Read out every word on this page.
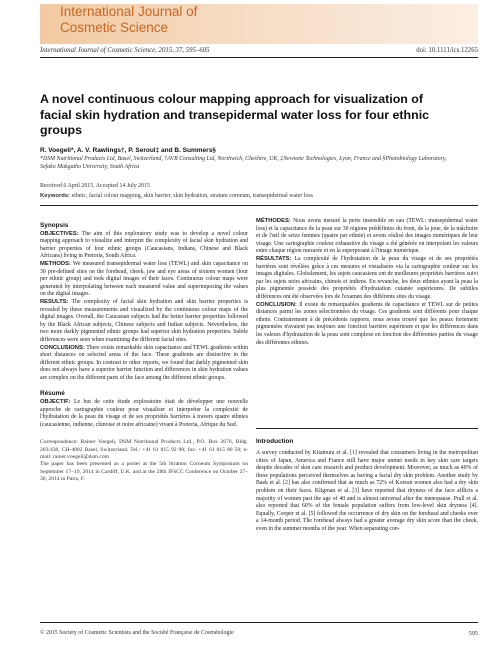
International Journal of
Cosmetic Science
International Journal of Cosmetic Science, 2015, 37, 595–605	doi: 10.1111/ics.12265
A novel continuous colour mapping approach for visualization of
facial skin hydration and transepidermal water loss for four ethnic
groups
R. Voegeli*, A. V. Rawlings†, P. Seroul‡ and B. Summers§
*DSM Nutritional Products Ltd, Basel, Switzerland, †AVR Consulting Ltd, Northwich, Cheshire, UK, ‡Newtone Technologies, Lyon, France and §Photobiology Laboratory, Sefako Makgatho University, South Africa
Received 6 April 2015, Accepted 14 July 2015
Keywords: ethnic, facial colour mapping, skin barrier, skin hydration, stratum corneum, transepidermal water loss
Synopsis

OBJECTIVES: The aim of this exploratory study was to develop a novel colour mapping approach to visualize and interpret the complexity of facial skin hydration and barrier properties of four ethnic groups (Caucasians, Indians, Chinese and Black Africans) living in Pretoria, South Africa.

METHODS: We measured transepidermal water loss (TEWL) and skin capacitance on 30 pre-defined sites on the forehead, cheek, jaw and eye areas of sixteen women (four per ethnic group) and took digital images of their faces. Continuous colour maps were generated by interpolating between each measured value and superimposing the values on the digital images.

RESULTS: The complexity of facial skin hydration and skin barrier properties is revealed by these measurements and visualized by the continuous colour maps of the digital images. Overall, the Caucasian subjects had the better barrier properties followed by the Black African subjects, Chinese subjects and Indian subjects. Nevertheless, the two more darkly pigmented ethnic groups had superior skin hydration properties. Subtle differences were seen when examining the different facial sites.

CONCLUSIONS: There exists remarkable skin capacitance and TEWL gradients within short distances on selected areas of the face. These gradients are distinctive in the different ethnic groups. In contrast to other reports, we found that darkly pigmented skin does not always have a superior barrier function and differences in skin hydration values are complex on the different parts of the face among the different ethnic groups.

Résumé

OBJECTIF: Le but de cette étude exploratoire était de développer une nouvelle approche de cartographie couleur pour visualiser et interpréter la complexité de l'hydratation de la peau du visage et de ses propriétés barrières à travers quatre ethnies (caucasienne, indienne, chinoise et noire africaine) vivant à Pretoria, Afrique du Sud.

Correspondence: Rainer Voegeli, DSM Nutritional Products Ltd., P.O. Box 2676, Bldg. 203/436, CH-4002 Basel, Switzerland. Tel.: +41 61 815 92 98; fax: +41 61 815 80 50; e-mail: rainer.voegeli@dsm.com

The paper has been presented as a poster at the 5th Stratum Corneum Symposium on September 17–19, 2014 in Cardiff, U.K. and at the 28th IFSCC Conference on October 27–30, 2014 in Paris, F.

MÉTHODES: Nous avons mesuré la perte insensible en eau (TEWL: transepidermal water loss) et la capacitance de la peau sur 30 régions prédéfinies du front, de la joue, de la mâchoire et de l'œil de seize femmes (quatre par ethnie) et avons réalisé des images numériques de leur visage. Une cartographie couleur exhaustive du visage a été générée en interpolant les valeurs entre chaque région mesurée et en la superposant à l'image numérique.

RÉSULTATS: La complexité de l'hydratation de la peau du visage et de ses propriétés barrières sont révélées grâce à ces mesures et visualisées via la cartographie couleur sur les images digitales. Globalement, les sujets caucasiens ont de meilleures propriétés barrières suivi par les sujets noirs africains, chinois et indiens. En revanche, les deux ethnies ayant la peau la plus pigmentée possède des propriétés d'hydratation cutanée supérieures. De subtiles différences ont été observées lors de l'examen des différents sites du visage.

CONCLUSION: Il existe de remarquables gradients de capacitance et TEWL sur de petites distances parmi les zones sélectionnées du visage. Ces gradients sont différents pour chaque ethnie. Contrairement à de précédents rapports, nous avons trouvé que les peaux fortement pigmentées n'avaient pas toujours une fonction barrière supérieure et que les différences dans les valeurs d'hydratation de la peau sont complexe en fonction des différentes parties du visage des différentes ethnies.

Introduction

A survey conducted by Kitamura et al. [1] revealed that consumers living in the metropolitan cities of Japan, America and France still have major unmet needs in key skin care targets despite decades of skin care research and product development. Moreover, as much as 40% of these populations perceived themselves as having a facial dry skin problem. Another study by Baek et al. [2] has also confirmed that as much as 72% of Korean women also had a dry skin problem on their faces. Kligman et al. [3] have reported that dryness of the face afflicts a majority of women past the age of 40 and is almost universal after the menopause. Prall et al. also reported that 60% of the female population suffers from low-level skin dryness [4]. Equally, Cooper et al. [5] followed the occurrence of dry skin on the forehead and cheeks over a 14-month period. The forehead always had a greater average dry skin score than the cheek, even in the summer months of the year. When separating con-

© 2015 Society of Cosmetic Scientists and the Société Française de Cosmétologie	595
